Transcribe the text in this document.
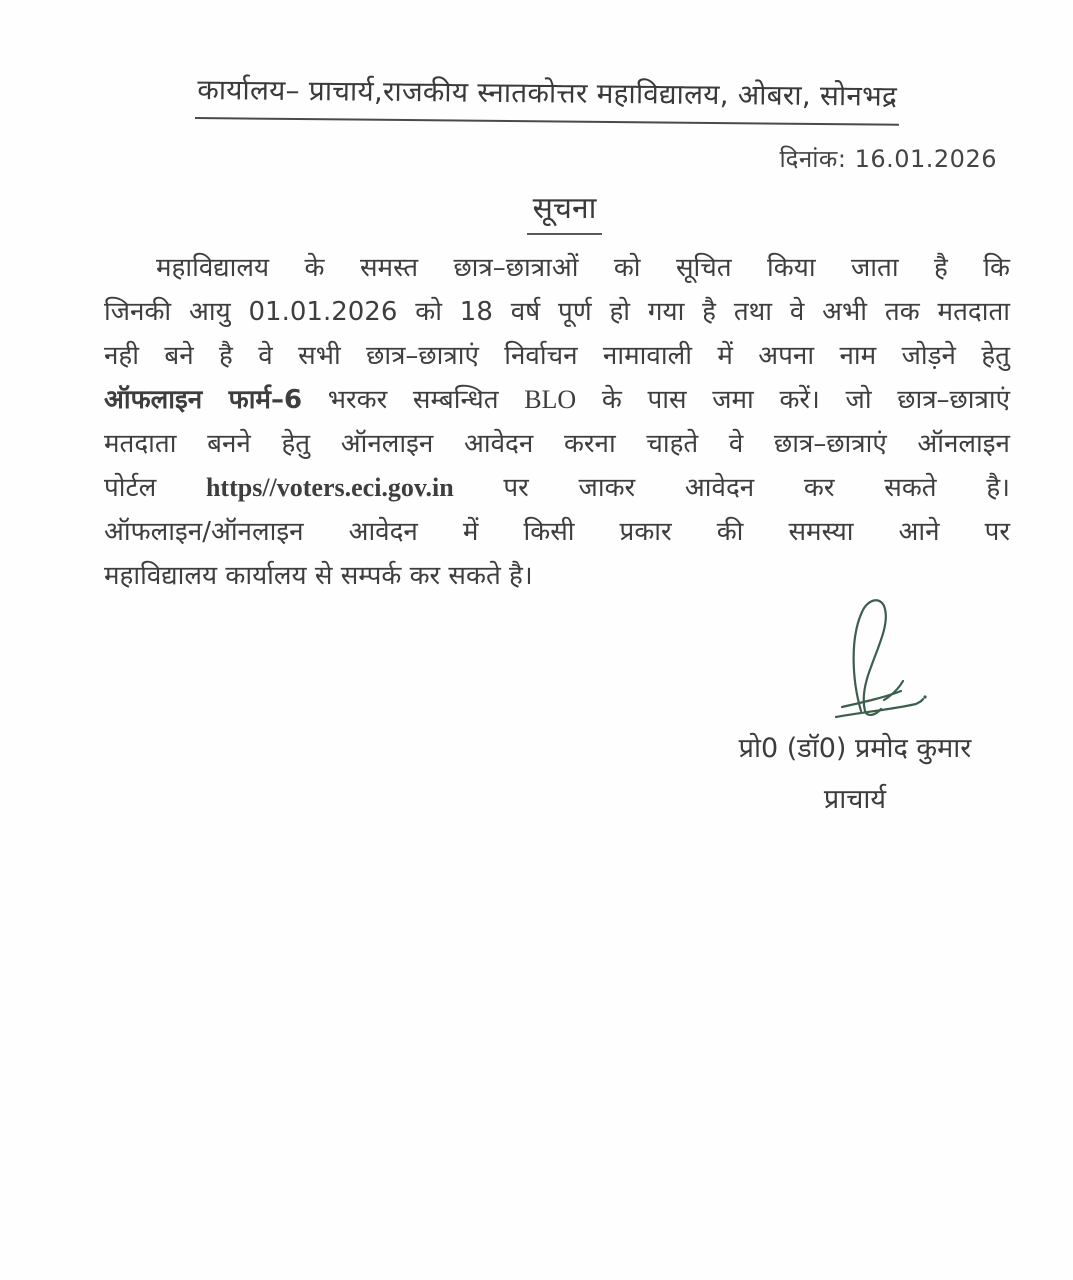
कार्यालय– प्राचार्य,राजकीय स्नातकोत्तर महाविद्यालय, ओबरा, सोनभद्र
दिनांक: 16.01.2026
सूचना
महाविद्यालय के समस्त छात्र–छात्राओं को सूचित किया जाता है कि
जिनकी आयु 01.01.2026 को 18 वर्ष पूर्ण हो गया है तथा वे अभी तक मतदाता
नही बने है वे सभी छात्र–छात्राएं निर्वाचन नामावाली में अपना नाम जोड़ने हेतु
ऑफलाइन फार्म–6 भरकर सम्बन्धित BLO के पास जमा करें। जो छात्र–छात्राएं
मतदाता बनने हेतु ऑनलाइन आवेदन करना चाहते वे छात्र–छात्राएं ऑनलाइन
पोर्टल https//voters.eci.gov.in पर जाकर आवेदन कर सकते है।
ऑफलाइन/ऑनलाइन आवेदन में किसी प्रकार की समस्या आने पर
महाविद्यालय कार्यालय से सम्पर्क कर सकते है।
प्रो0 (डॉ0) प्रमोद कुमार
प्राचार्य
